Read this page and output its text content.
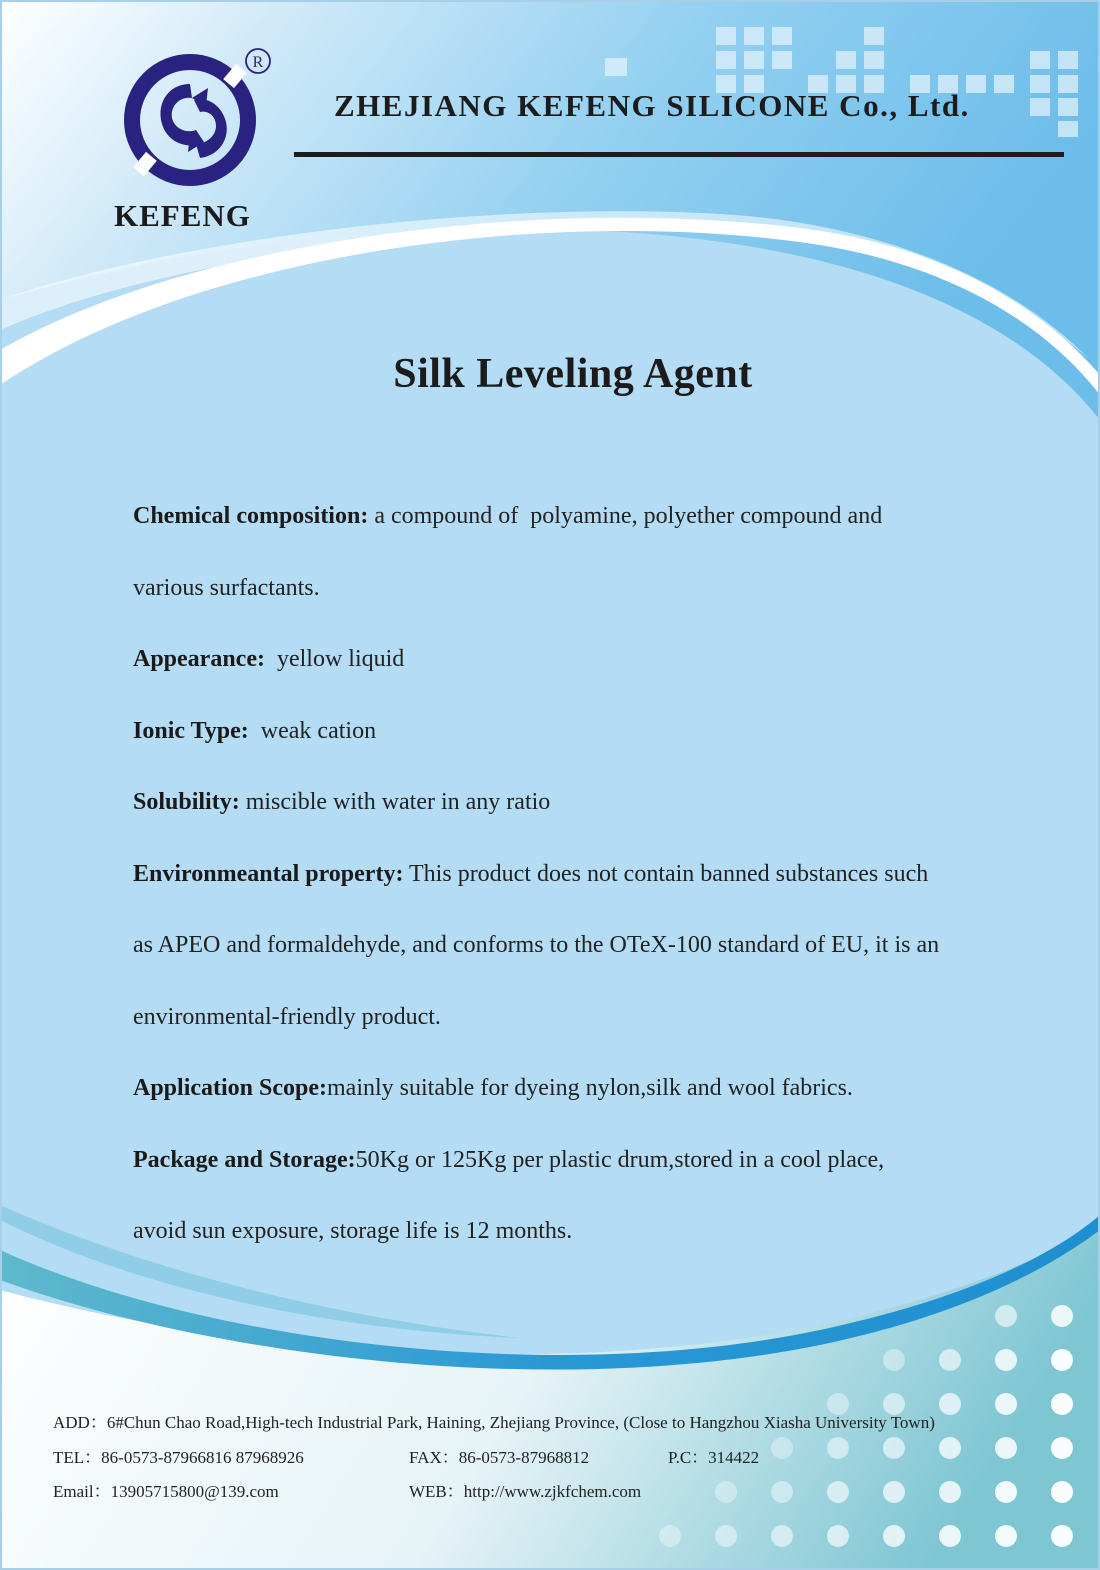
R
KEFENG
ZHEJIANG KEFENG SILICONE Co., Ltd.
Silk Leveling Agent
Chemical composition: a compound of  polyamine, polyether compound and
various surfactants.
Appearance:  yellow liquid
Ionic Type:  weak cation
Solubility: miscible with water in any ratio
Environmeantal property: This product does not contain banned substances such
as APEO and formaldehyde, and conforms to the OTeX-100 standard of EU, it is an
environmental-friendly product.
Application Scope:mainly suitable for dyeing nylon,silk and wool fabrics.
Package and Storage:50Kg or 125Kg per plastic drum,stored in a cool place,
avoid sun exposure, storage life is 12 months.
ADD：6#Chun Chao Road,High-tech Industrial Park, Haining, Zhejiang Province, (Close to Hangzhou Xiasha University Town)
TEL：86-0573-87966816 87968926	FAX：86-0573-87968812	P.C：314422
Email：13905715800@139.com	WEB：http://www.zjkfchem.com
